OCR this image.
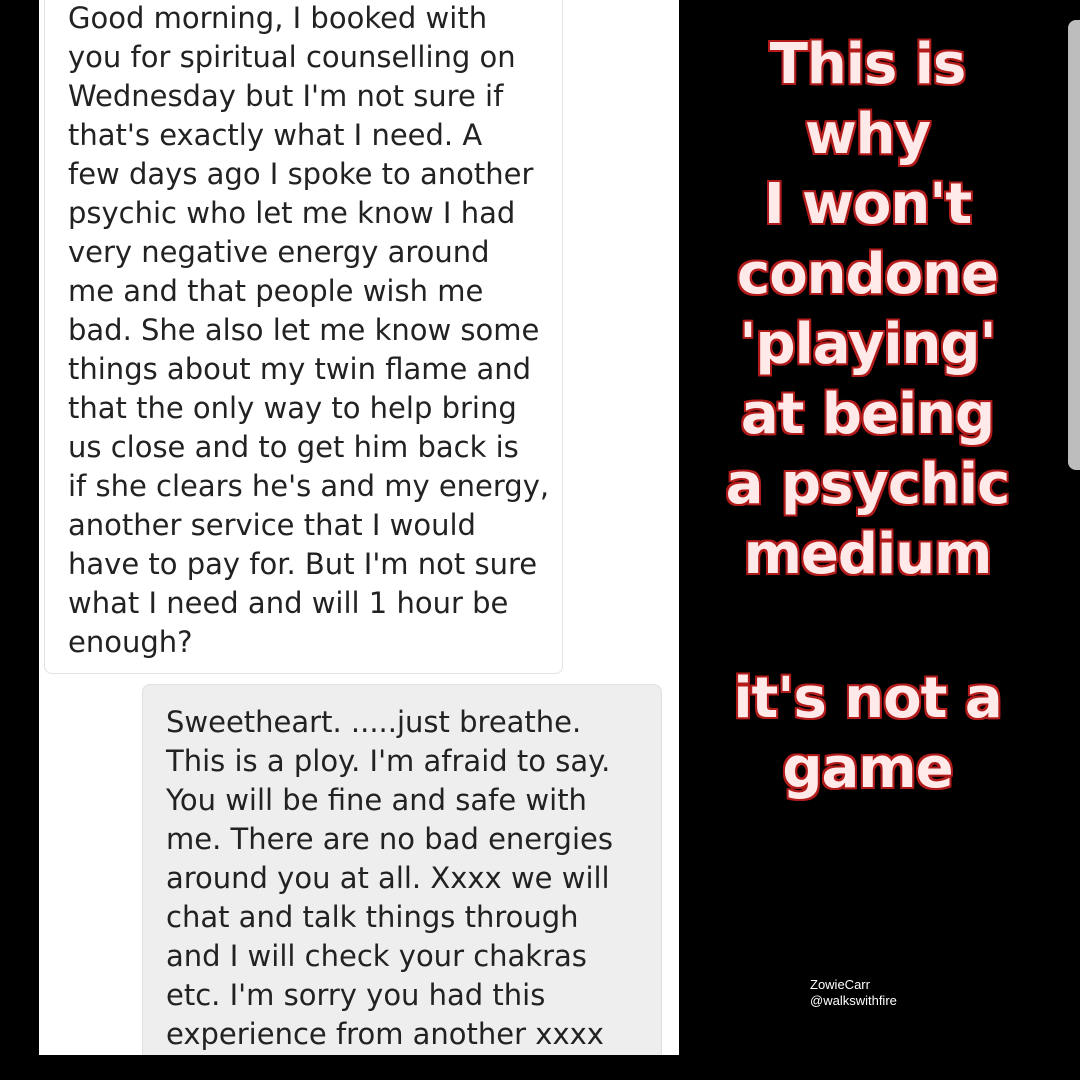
Good morning, I booked with
you for spiritual counselling on
Wednesday but I'm not sure if
that's exactly what I need. A
few days ago I spoke to another
psychic who let me know I had
very negative energy around
me and that people wish me
bad. She also let me know some
things about my twin flame and
that the only way to help bring
us close and to get him back is
if she clears he's and my energy,
another service that I would
have to pay for. But I'm not sure
what I need and will 1 hour be
enough?
Sweetheart. .....just breathe.
This is a ploy. I'm afraid to say.
You will be fine and safe with
me. There are no bad energies
around you at all. Xxxx we will
chat and talk things through
and I will check your chakras
etc. I'm sorry you had this
experience from another xxxx
This is why
I won't
condone
'playing'
at being
a psychic
medium
it's not a
game
ZowieCarr
@walkswithfire
